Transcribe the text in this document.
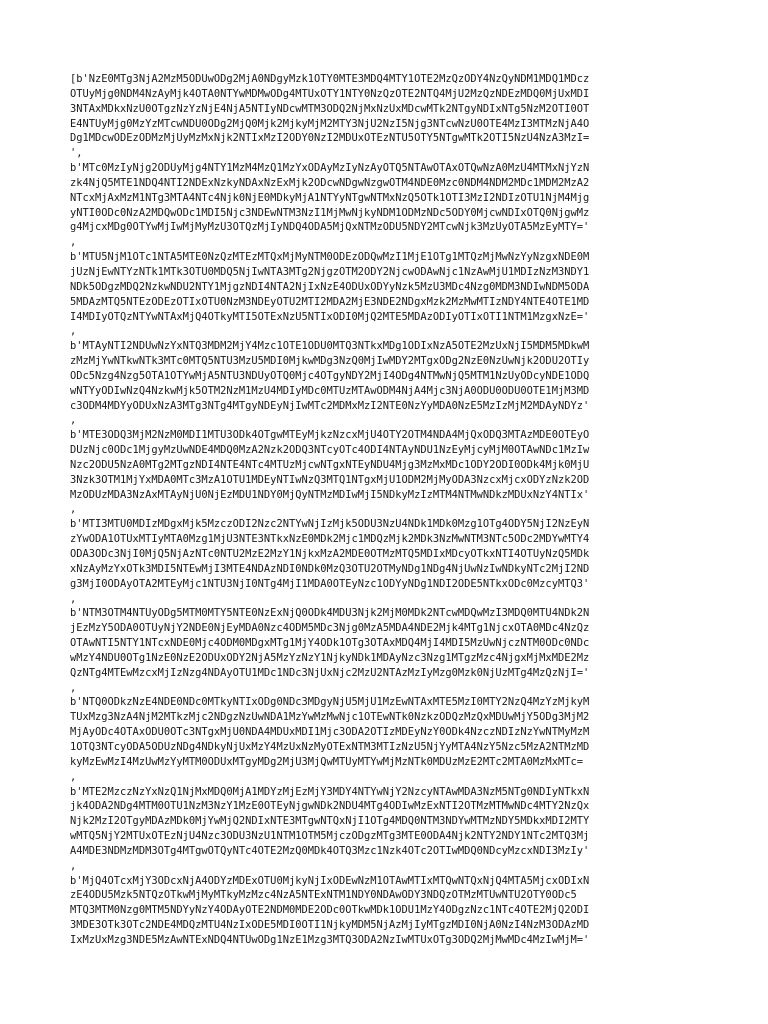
[b'NzE0MTg3NjA2MzM5ODUwODg2MjA0NDgyMzk1OTY0MTE3MDQ4MTY1OTE2MzQzODY4NzQyNDM1MDQ1MDcz
OTUyMjg0NDM4NzAyMjk4OTA0NTYwMDMwODg4MTUxOTY1NTY0NzQzOTE2NTQ4MjU2MzQzNDEzMDQ0MjUxMDI
3NTAxMDkxNzU0OTgzNzYzNjE4NjA5NTIyNDcwMTM3ODQ2NjMxNzUxMDcwMTk2NTgyNDIxNTg5NzM2OTI0OT
E4NTUyMjg0MzYzMTcwNDU0ODg2MjQ0Mjk2MjkyMjM2MTY3NjU2NzI5Njg3NTcwNzU0OTE4MzI3MTMzNjA4O
Dg1MDcwODEzODMzMjUyMzMxNjk2NTIxMzI2ODY0NzI2MDUxOTEzNTU5OTY5NTgwMTk2OTI5NzU4NzA3MzI=
',
b'MTc0MzIyNjg2ODUyMjg4NTY1MzM4MzQ1MzYxODAyMzIyNzAyOTQ5NTAwOTAxOTQwNzA0MzU4MTMxNjYzN
zk4NjQ5MTE1NDQ4NTI2NDExNzkyNDAxNzExMjk2ODcwNDgwNzgwOTM4NDE0Mzc0NDM4NDM2MDc1MDM2MzA2
NTcxMjAxMzM1NTg3MTA4NTc4Njk0NjE0MDkyMjA1NTYyNTgwNTMxNzQ5OTk1OTI3MzI2NDIzOTU1NjM4Mjg
yNTI0ODc0NzA2MDQwODc1MDI5Njc3NDEwNTM3NzI1MjMwNjkyNDM1ODMzNDc5ODY0MjcwNDIxOTQ0NjgwMz
g4MjcxMDg0OTYwMjIwMjMyMzU3OTQzMjIyNDQ4ODA5MjQxNTMzODU5NDY2MTcwNjk3MzUyOTA5MzEyMTY='
,
b'MTU5NjM1OTc1NTA5MTE0NzQzMTEzMTQxMjMyNTM0ODEzODQwMzI1MjE1OTg1MTQzMjMwNzYyNzgxNDE0M
jUzNjEwNTYzNTk1MTk3OTU0MDQ5NjIwNTA3MTg2NjgzOTM2ODY2NjcwODAwNjc1NzAwMjU1MDIzNzM3NDY1
NDk5ODgzMDQ2NzkwNDU2NTY1MjgzNDI4NTA2NjIxNzE4ODUxODYyNzk5MzU3MDc4Nzg0MDM3NDIwNDM5ODA
5MDAzMTQ5NTEzODEzOTIxOTU0NzM3NDEyOTU2MTI2MDA2MjE3NDE2NDgxMzk2MzMwMTIzNDY4NTE4OTE1MD
I4MDIyOTQzNTYwNTAxMjQ4OTkyMTI5OTExNzU5NTIxODI0MjQ2MTE5MDAzODIyOTIxOTI1NTM1MzgxNzE='
,
b'MTAyNTI2NDUwNzYxNTQ3MDM2MjY4Mzc1OTE1ODU0MTQ3NTkxMDg1ODIxNzA5OTE2MzUxNjI5MDM5MDkwM
zMzMjYwNTkwNTk3MTc0MTQ5NTU3MzU5MDI0MjkwMDg3NzQ0MjIwMDY2MTgxODg2NzE0NzUwNjk2ODU2OTIy
ODc5Nzg4Nzg5OTA1OTYwMjA5NTU3NDUyOTQ0Mjc4OTgyNDY2MjI4ODg4NTMwNjQ5MTM1NzUyODcyNDE1ODQ
wNTYyODIwNzQ4NzkwMjk5OTM2NzM1MzU4MDIyMDc0MTUzMTAwODM4NjA4Mjc3NjA0ODU0ODU0OTE1MjM3MD
c3ODM4MDYyODUxNzA3MTg3NTg4MTgyNDEyNjIwMTc2MDMxMzI2NTE0NzYyMDA0NzE5MzIzMjM2MDAyNDYz'
,
b'MTE3ODQ3MjM2NzM0MDI1MTU3ODk4OTgwMTEyMjkzNzcxMjU4OTY2OTM4NDA4MjQxODQ3MTAzMDE0OTEyO
DUzNjc0ODc1MjgyMzUwNDE4MDQ0MzA2Nzk2ODQ3NTcyOTc4ODI4NTAyNDU1NzEyMjcyMjM0OTAwNDc1MzIw
Nzc2ODU5NzA0MTg2MTgzNDI4NTE4NTc4MTUzMjcwNTgxNTEyNDU4Mjg3MzMxMDc1ODY2ODI0ODk4Mjk0MjU
3Nzk3OTM1MjYxMDA0MTc3MzA1OTU1MDEyNTIwNzQ3MTQ1NTgxMjU1ODM2MjMyODA3NzcxMjcxODYzNzk2OD
MzODUzMDA3NzAxMTAyNjU0NjEzMDU1NDY0MjQyNTMzMDIwMjI5NDkyMzIzMTM4NTMwNDkzMDUxNzY4NTIx'
,
b'MTI3MTU0MDIzMDgxMjk5MzczODI2Nzc2NTYwNjIzMjk5ODU3NzU4NDk1MDk0Mzg1OTg4ODY5NjI2NzEyN
zYwODA1OTUxMTIyMTA0Mzg1MjU3NTE3NTkxNzE0MDk2Mjc1MDQzMjk2MDk3NzMwNTM3NTc5ODc2MDYwMTY4
ODA3ODc3NjI0MjQ5NjAzNTc0NTU2MzE2MzY1NjkxMzA2MDE0OTMzMTQ5MDIxMDcyOTkxNTI4OTUyNzQ5MDk
xNzAyMzYxOTk3MDI5NTEwMjI3MTE4NDAzNDI0NDk0MzQ3OTU2OTMyNDg1NDg4NjUwNzIwNDkyNTc2MjI2ND
g3MjI0ODAyOTA2MTEyMjc1NTU3NjI0NTg4MjI1MDA0OTEyNzc1ODYyNDg1NDI2ODE5NTkxODc0MzcyMTQ3'
,
b'NTM3OTM4NTUyODg5MTM0MTY5NTE0NzExNjQ0ODk4MDU3Njk2MjM0MDk2NTcwMDQwMzI3MDQ0MTU4NDk2N
jEzMzY5ODA0OTUyNjY2NDE0NjEyMDA0Nzc4ODM5MDc3Njg0MzA5MDA4NDE2Mjk4MTg1NjcxOTA0MDc4NzQz
OTAwNTI5NTY1NTcxNDE0Mjc4ODM0MDgxMTg1MjY4ODk1OTg3OTAxMDQ4MjI4MDI5MzUwNjczNTM0ODc0NDc
wMzY4NDU0OTg1NzE0NzE2ODUxODY2NjA5MzYzNzY1NjkyNDk1MDAyNzc3Nzg1MTgzMzc4NjgxMjMxMDE2Mz
QzNTg4MTEwMzcxMjIzNzg4NDAyOTU1MDc1NDc3NjUxNjc2MzU2NTAzMzIyMzg0Mzk0NjUzMTg4MzQzNjI='
,
b'NTQ0ODkzNzE4NDE0NDc0MTkyNTIxODg0NDc3MDgyNjU5MjU1MzEwNTAxMTE5MzI0MTY2NzQ4MzYzMjkyM
TUxMzg3NzA4NjM2MTkzMjc2NDgzNzUwNDA1MzYwMzMwNjc1OTEwNTk0NzkzODQzMzQxMDUwMjY5ODg3MjM2
MjAyODc4OTAxODU0OTc3NTgxMjU0NDA4MDUxMDI1Mjc3ODA2OTIzMDEyNzY0ODk4NzczNDIzNzYwNTMyMzM
1OTQ3NTcyODA5ODUzNDg4NDkyNjUxMzY4MzUxNzMyOTExNTM3MTIzNzU5NjYyMTA4NzY5Nzc5MzA2NTMzMD
kyMzEwMzI4MzUwMzYyMTM0ODUxMTgyMDg2MjU3MjQwMTUyMTYwMjMzNTk0MDUzMzE2MTc2MTA0MzMxMTc=
,
b'MTE2MzczNzYxNzQ1NjMxMDQ0MjA1MDYzMjEzMjY3MDY4NTYwNjY2NzcyNTAwMDA3NzM5NTg0NDIyNTkxN
jk4ODA2NDg4MTM0OTU1NzM3NzY1MzE0OTEyNjgwNDk2NDU4MTg4ODIwMzExNTI2OTMzMTMwNDc4MTY2NzQx
Njk2MzI2OTgyMDAzMDk0MjYwMjQ2NDIxNTE3MTgwNTQxNjI1OTg4MDQ0NTM3NDYwMTMzNDY5MDkxMDI2MTY
wMTQ5NjY2MTUxOTEzNjU4Nzc3ODU3NzU1NTM1OTM5MjczODgzMTg3MTE0ODA4Njk2NTY2NDY1NTc2MTQ3Mj
A4MDE3NDMzMDM3OTg4MTgwOTQyNTc4OTE2MzQ0MDk4OTQ3Mzc1Nzk4OTc2OTIwMDQ0NDcyMzcxNDI3MzIy'
,
b'MjQ4OTcxMjY3ODcxNjA4ODYzMDExOTU0MjkyNjIxODEwNzM1OTAwMTIxMTQwNTQxNjQ4MTA5MjcxODIxN
zE4ODU5Mzk5NTQzOTkwMjMyMTkyMzMzc4NzA5NTExNTM1NDY0NDAwODY3NDQzOTMzMTUwNTU2OTY0ODc5
MTQ3MTM0Nzg0MTM5NDYyNzY4ODAyOTE2NDM0MDE2ODc0OTkwMDk1ODU1MzY4ODgzNzc1NTc4OTE2MjQ2ODI
3MDE3OTk3OTc2NDE4MDQzMTU4NzIxODE5MDI0OTI1NjkyMDM5NjAzMjIyMTgzMDI0NjA0NzI4NzM3ODAzMD
IxMzUxMzg3NDE5MzAwNTExNDQ4NTUwODg1NzE1Mzg3MTQ3ODA2NzIwMTUxOTg3ODQ2MjMwMDc4MzIwMjM='
